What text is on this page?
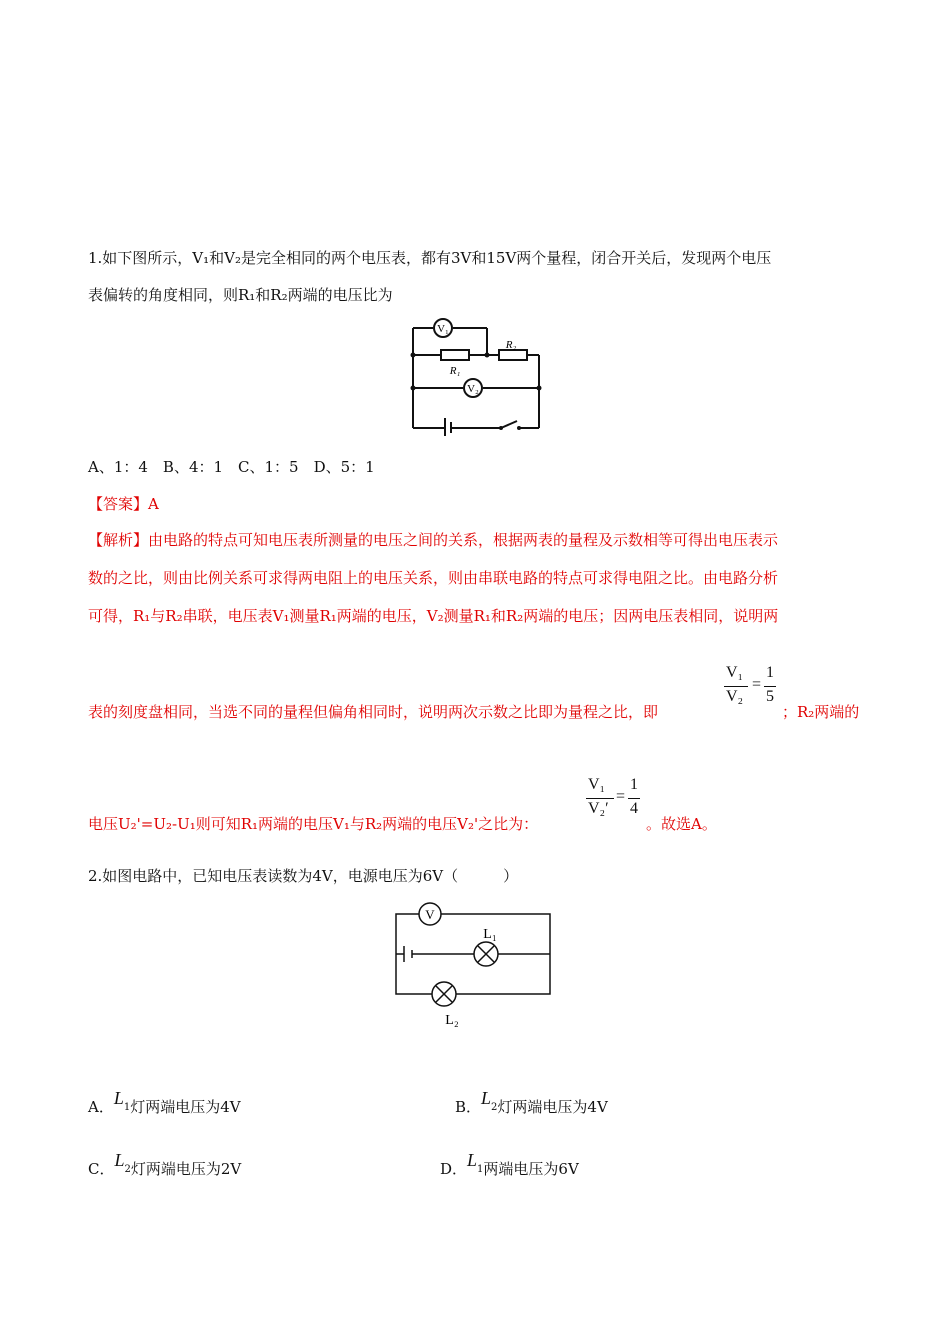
1.如下图所示，V₁和V₂是完全相同的两个电压表，都有3V和15V两个量程，闭合开关后，发现两个电压
表偏转的角度相同，则R₁和R₂两端的电压比为
V₁
V₂
R₁
R₂
A、1：4　B、4：1　C、1：5　D、5：1
【答案】A
【解析】由电路的特点可知电压表所测量的电压之间的关系，根据两表的量程及示数相等可得出电压表示
数的之比，则由比例关系可求得两电阻上的电压关系，则由串联电路的特点可求得电阻之比。由电路分析
可得，R₁与R₂串联，电压表V₁测量R₁两端的电压，V₂测量R₁和R₂两端的电压；因两电压表相同，说明两
表的刻度盘相同，当选不同的量程但偏角相同时，说明两次示数之比即为量程之比，即
V₁
V₂
=
1
5
；R₂两端的
电压U₂'=U₂-U₁则可知R₁两端的电压V₁与R₂两端的电压V₂'之比为：
V₁
V₂′
=
1
4
。故选A。
2.如图电路中，已知电压表读数为4V，电源电压为6V（　　　）
V
L₁
L₂
A．$L_1$灯两端电压为4V	B．$L_2$灯两端电压为4V
C．$L_2$灯两端电压为2V	D．$L_1$两端电压为6V
